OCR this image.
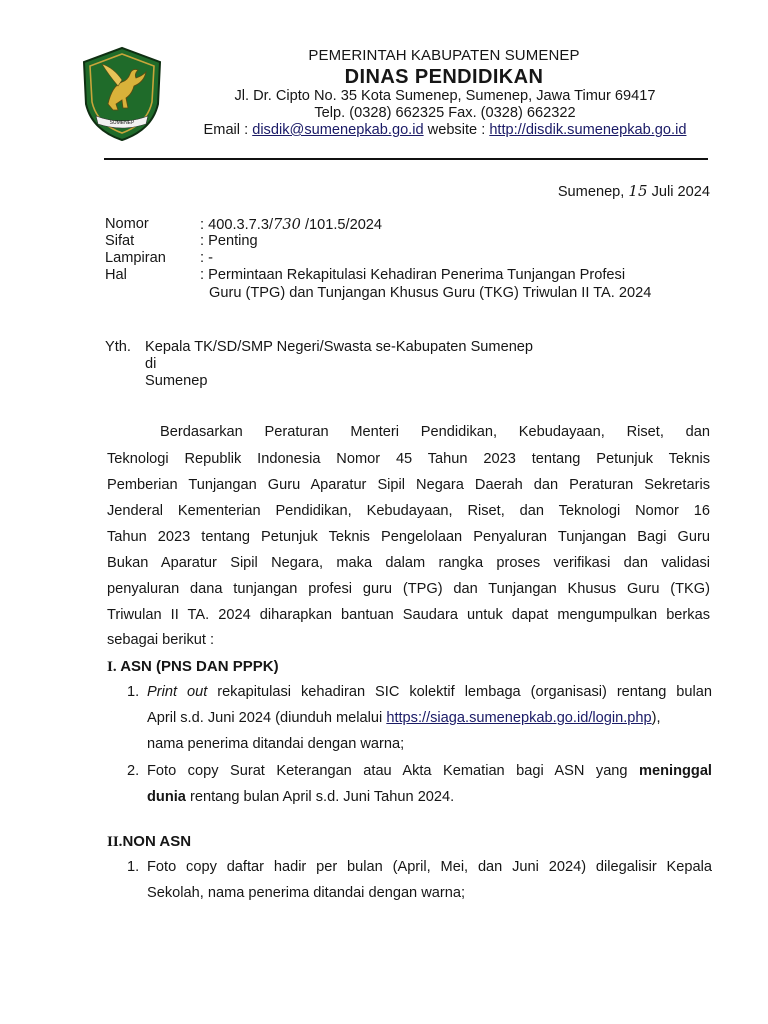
SUMENEP
PEMERINTAH KABUPATEN SUMENEP
DINAS PENDIDIKAN
Jl. Dr. Cipto No. 35 Kota Sumenep, Sumenep, Jawa Timur 69417
Telp. (0328) 662325 Fax. (0328) 662322
Email : disdik@sumenepkab.go.id website : http://disdik.sumenepkab.go.id
Sumenep, 15 Juli 2024
Nomor	: 400.3.7.3/730 /101.5/2024
Sifat	: Penting
Lampiran : -
Hal	: Permintaan Rekapitulasi Kehadiran Penerima Tunjangan Profesi
Guru (TPG) dan Tunjangan Khusus Guru (TKG) Triwulan II TA. 2024
Yth. Kepala TK/SD/SMP Negeri/Swasta se-Kabupaten Sumenep
di
Sumenep
Berdasarkan Peraturan Menteri Pendidikan, Kebudayaan, Riset, dan
Teknologi Republik Indonesia Nomor 45 Tahun 2023 tentang Petunjuk Teknis
Pemberian Tunjangan Guru Aparatur Sipil Negara Daerah dan Peraturan Sekretaris
Jenderal Kementerian Pendidikan, Kebudayaan, Riset, dan Teknologi Nomor 16
Tahun 2023 tentang Petunjuk Teknis Pengelolaan Penyaluran Tunjangan Bagi Guru
Bukan Aparatur Sipil Negara, maka dalam rangka proses verifikasi dan validasi
penyaluran dana tunjangan profesi guru (TPG) dan Tunjangan Khusus Guru (TKG)
Triwulan II TA. 2024 diharapkan bantuan Saudara untuk dapat mengumpulkan berkas
sebagai berikut :
I. ASN (PNS DAN PPPK)
1. Print out rekapitulasi kehadiran SIC kolektif lembaga (organisasi) rentang bulan
April s.d. Juni 2024 (diunduh melalui https://siaga.sumenepkab.go.id/login.php),
nama penerima ditandai dengan warna;
2. Foto copy Surat Keterangan atau Akta Kematian bagi ASN yang meninggal
dunia rentang bulan April s.d. Juni Tahun 2024.
II.NON ASN
1. Foto copy daftar hadir per bulan (April, Mei, dan Juni 2024) dilegalisir Kepala
Sekolah, nama penerima ditandai dengan warna;
